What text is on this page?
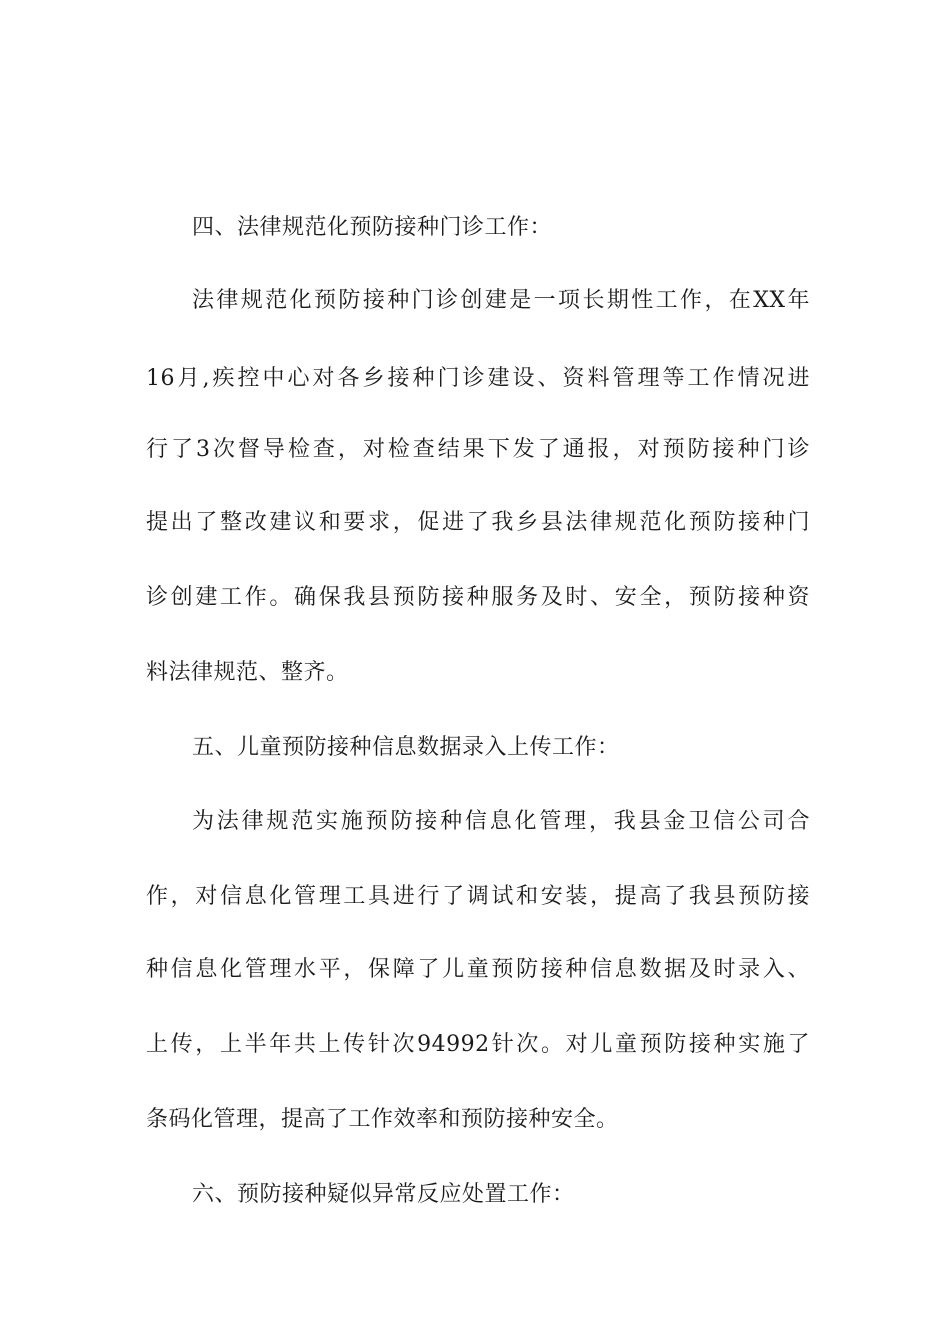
四、法律规范化预防接种门诊工作：
法律规范化预防接种门诊创建是一项长期性工作，在XX年
16月,疾控中心对各乡接种门诊建设、资料管理等工作情况进
行了3次督导检查，对检查结果下发了通报，对预防接种门诊
提出了整改建议和要求，促进了我乡县法律规范化预防接种门
诊创建工作。确保我县预防接种服务及时、安全，预防接种资
料法律规范、整齐。
五、儿童预防接种信息数据录入上传工作：
为法律规范实施预防接种信息化管理，我县金卫信公司合
作，对信息化管理工具进行了调试和安装，提高了我县预防接
种信息化管理水平，保障了儿童预防接种信息数据及时录入、
上传，上半年共上传针次94992针次。对儿童预防接种实施了
条码化管理，提高了工作效率和预防接种安全。
六、预防接种疑似异常反应处置工作：
